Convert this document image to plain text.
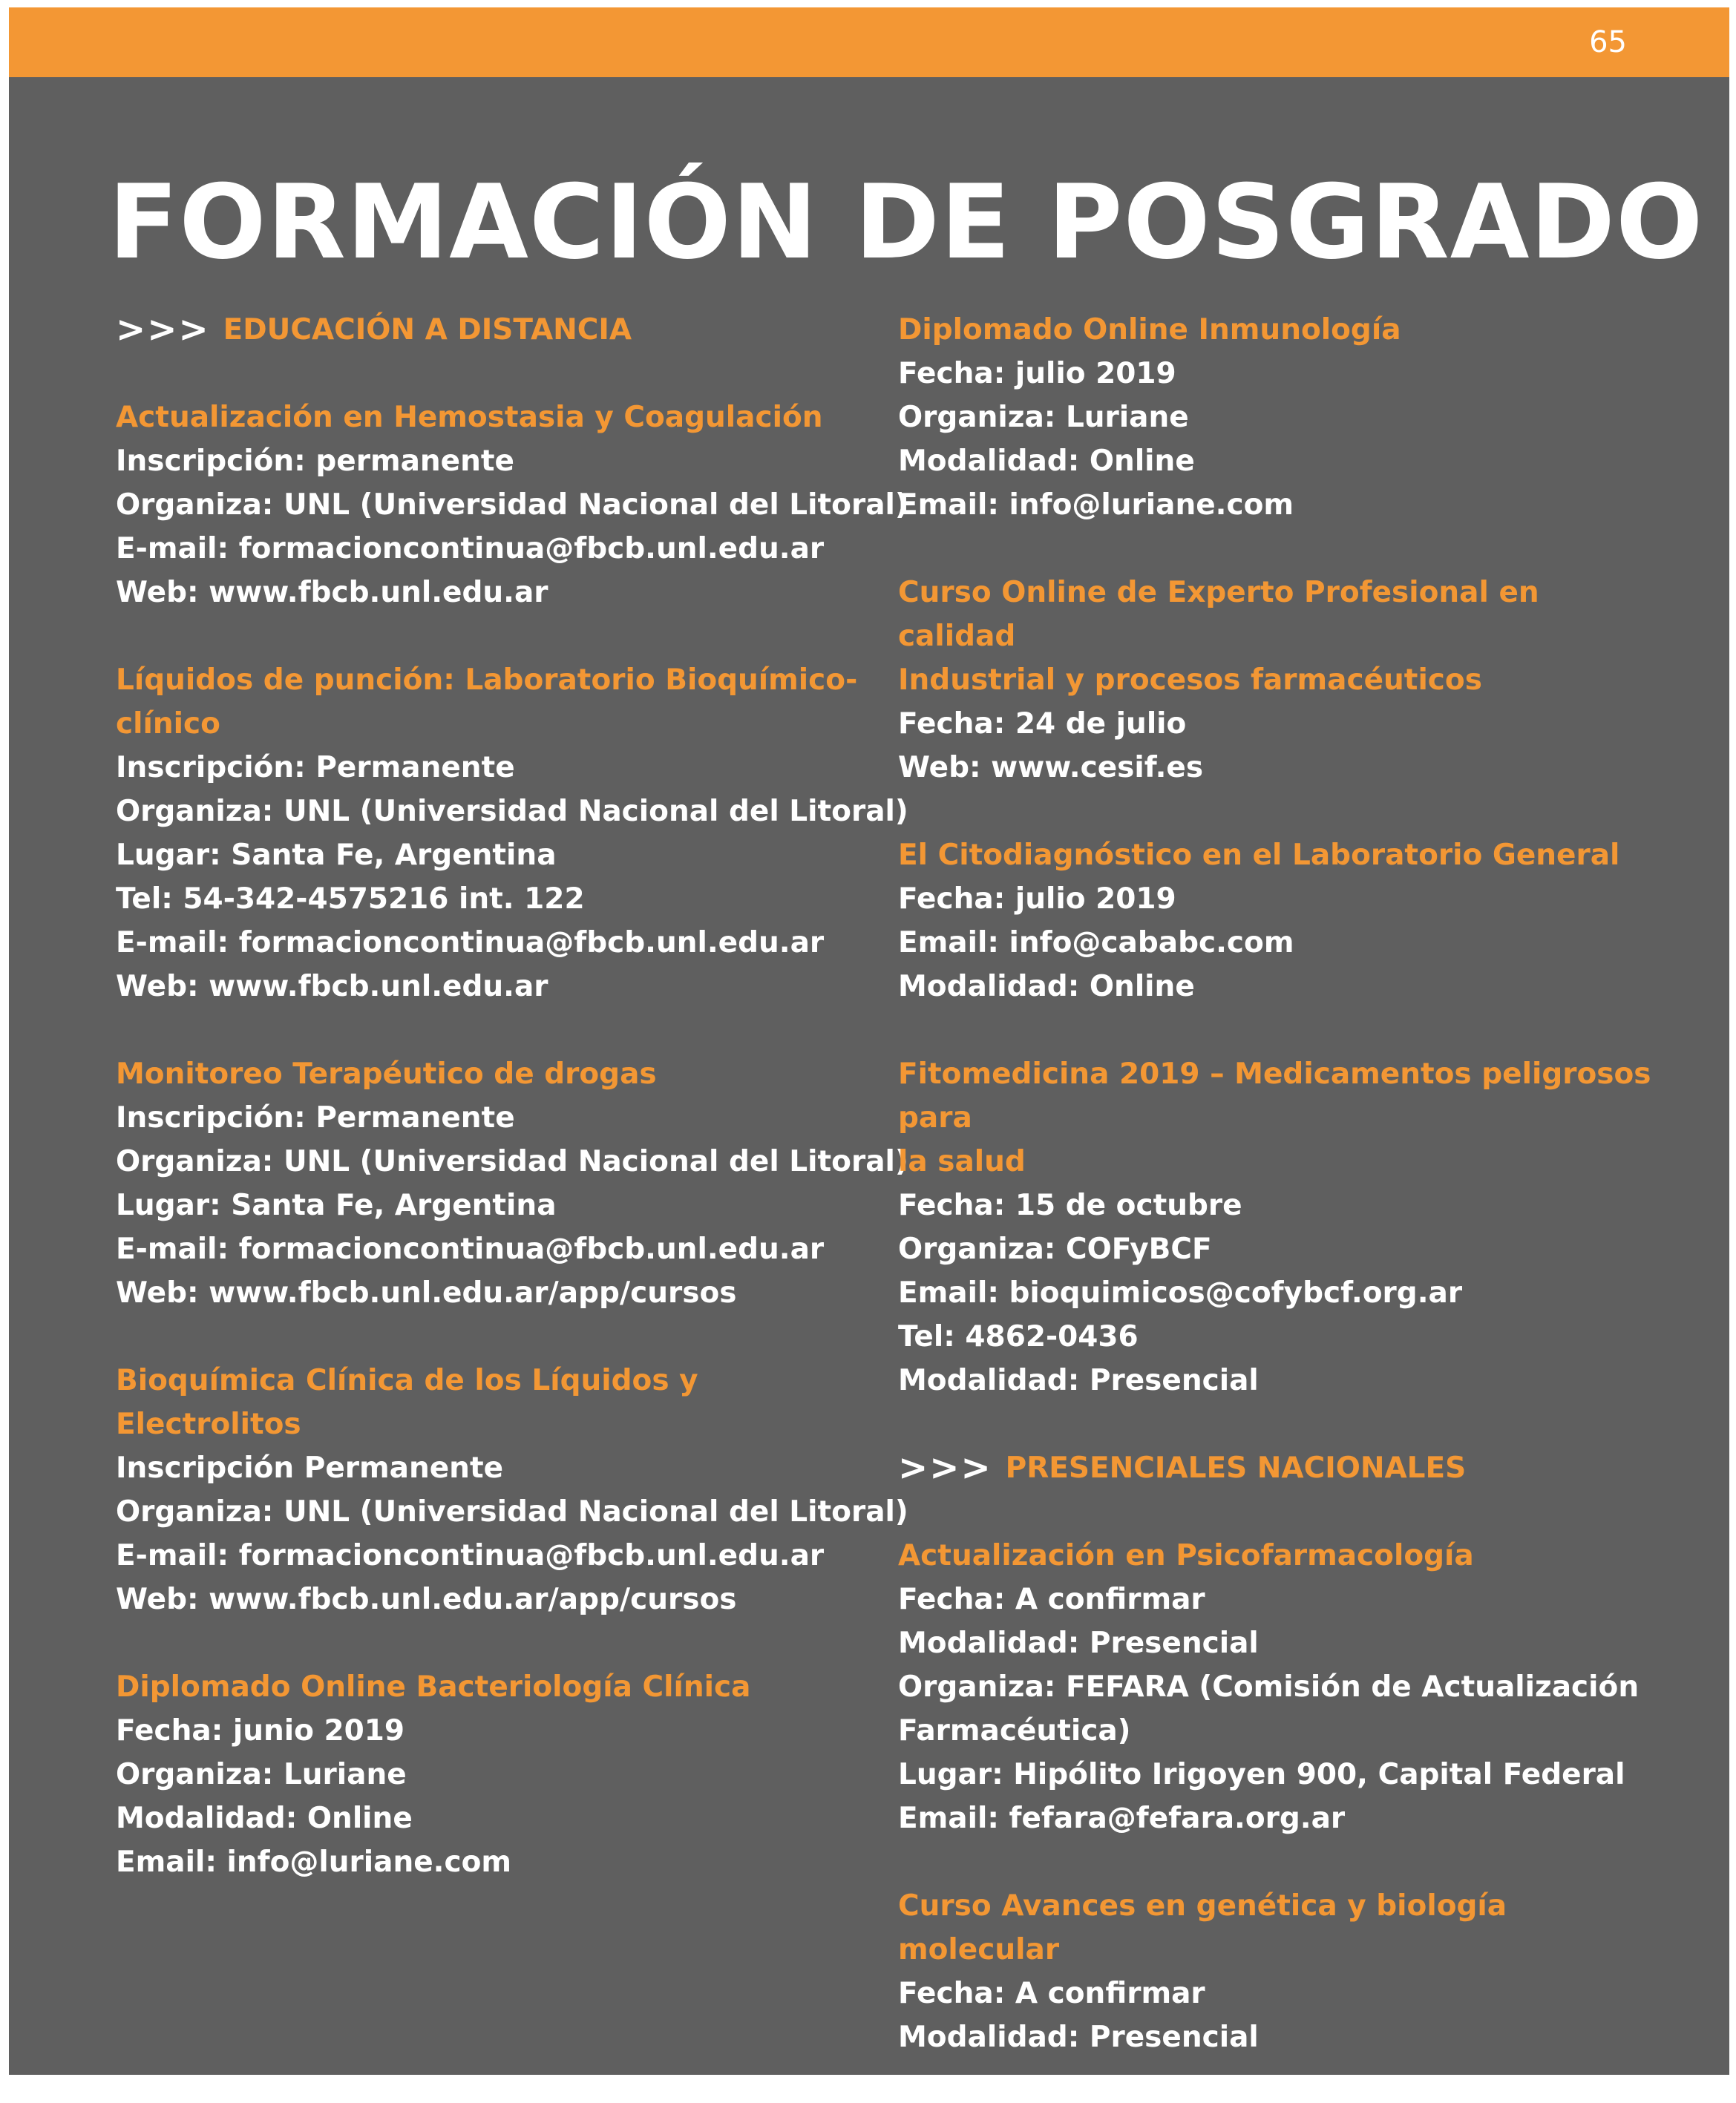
65
FORMACIÓN DE POSGRADO
>>> EDUCACIÓN A DISTANCIA
Actualización en Hemostasia y Coagulación
Inscripción: permanente
Organiza: UNL (Universidad Nacional del Litoral)
E-mail: formacioncontinua@fbcb.unl.edu.ar
Web: www.fbcb.unl.edu.ar
Líquidos de punción: Laboratorio Bioquímico-
clínico
Inscripción: Permanente
Organiza: UNL (Universidad Nacional del Litoral)
Lugar: Santa Fe, Argentina
Tel: 54-342-4575216 int. 122
E-mail: formacioncontinua@fbcb.unl.edu.ar
Web: www.fbcb.unl.edu.ar
Monitoreo Terapéutico de drogas
Inscripción: Permanente
Organiza: UNL (Universidad Nacional del Litoral)
Lugar: Santa Fe, Argentina
E-mail: formacioncontinua@fbcb.unl.edu.ar
Web: www.fbcb.unl.edu.ar/app/cursos
Bioquímica Clínica de los Líquidos y Electrolitos
Inscripción Permanente
Organiza: UNL (Universidad Nacional del Litoral)
E-mail: formacioncontinua@fbcb.unl.edu.ar
Web: www.fbcb.unl.edu.ar/app/cursos
Diplomado Online Bacteriología Clínica
Fecha: junio 2019
Organiza: Luriane
Modalidad: Online
Email: info@luriane.com
Diplomado Online Inmunología
Fecha: julio 2019
Organiza: Luriane
Modalidad: Online
Email: info@luriane.com
Curso Online de Experto Profesional en calidad
Industrial y procesos farmacéuticos
Fecha: 24 de julio
Web: www.cesif.es
El Citodiagnóstico en el Laboratorio General
Fecha: julio 2019
Email: info@cababc.com
Modalidad: Online
Fitomedicina 2019 – Medicamentos peligrosos para
la salud
Fecha: 15 de octubre
Organiza: COFyBCF
Email: bioquimicos@cofybcf.org.ar
Tel: 4862-0436
Modalidad: Presencial
>>> PRESENCIALES NACIONALES
Actualización en Psicofarmacología
Fecha: A confirmar
Modalidad: Presencial
Organiza: FEFARA (Comisión de Actualización
Farmacéutica)
Lugar: Hipólito Irigoyen 900, Capital Federal
Email: fefara@fefara.org.ar
Curso Avances en genética y biología molecular
Fecha: A confirmar
Modalidad: Presencial
